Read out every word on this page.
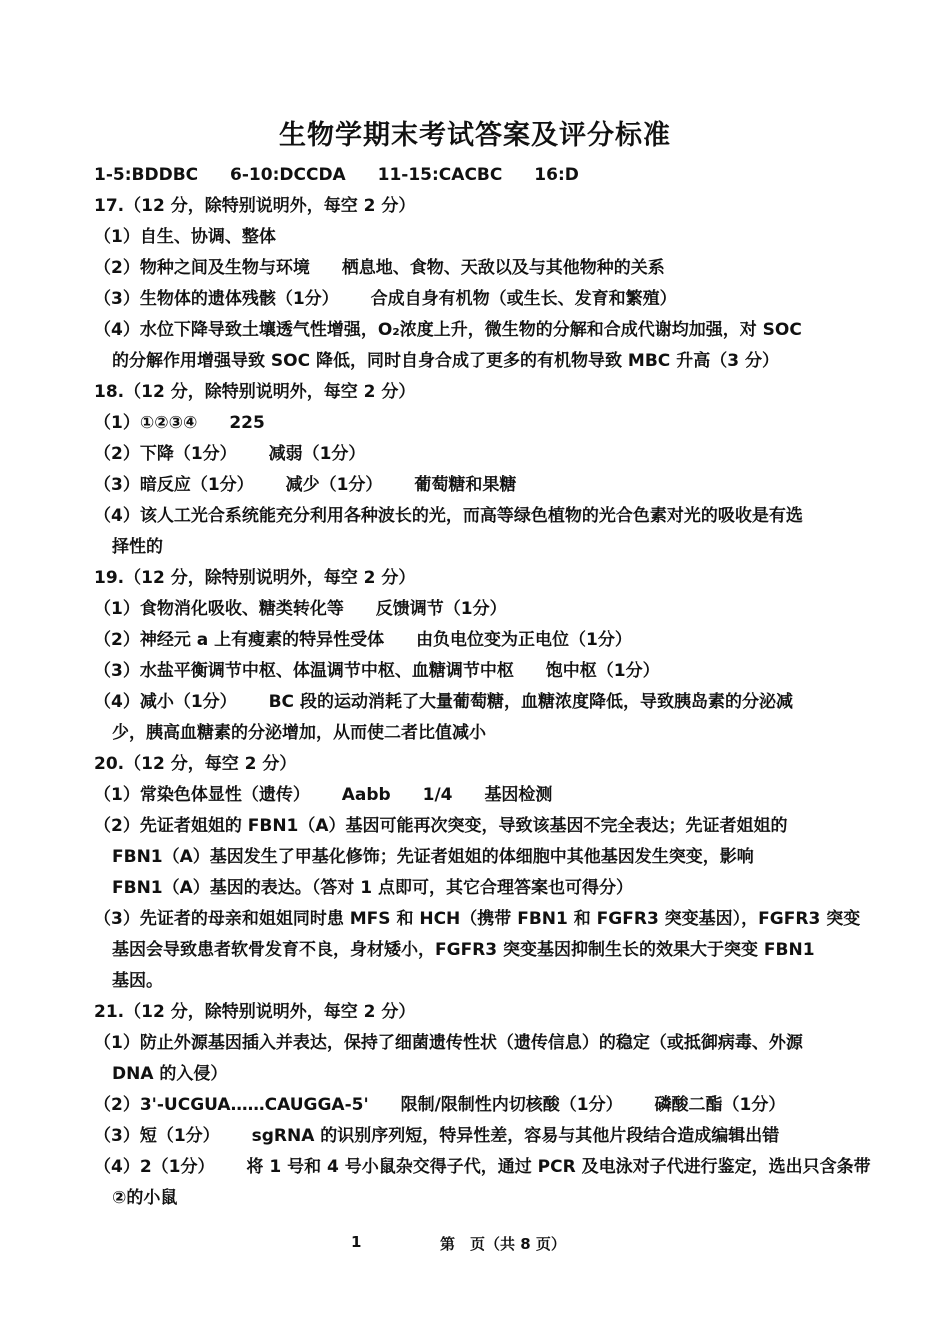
生物学期末考试答案及评分标准
1-5:BDDBC 6-10:DCCDA 11-15:CACBC 16:D
17.（12 分，除特别说明外，每空 2 分）
（1）自生、协调、整体
（2）物种之间及生物与环境 栖息地、食物、天敌以及与其他物种的关系
（3）生物体的遗体残骸（1分） 合成自身有机物（或生长、发育和繁殖）
（4）水位下降导致土壤透气性增强，O₂浓度上升，微生物的分解和合成代谢均加强，对 SOC
的分解作用增强导致 SOC 降低，同时自身合成了更多的有机物导致 MBC 升高（3 分）
18.（12 分，除特别说明外，每空 2 分）
（1）①②③④ 225
（2）下降（1分） 减弱（1分）
（3）暗反应（1分） 减少（1分） 葡萄糖和果糖
（4）该人工光合系统能充分利用各种波长的光，而高等绿色植物的光合色素对光的吸收是有选
择性的
19.（12 分，除特别说明外，每空 2 分）
（1）食物消化吸收、糖类转化等 反馈调节（1分）
（2）神经元 a 上有瘦素的特异性受体 由负电位变为正电位（1分）
（3）水盐平衡调节中枢、体温调节中枢、血糖调节中枢 饱中枢（1分）
（4）减小（1分） BC 段的运动消耗了大量葡萄糖，血糖浓度降低，导致胰岛素的分泌减
少，胰高血糖素的分泌增加，从而使二者比值减小
20.（12 分，每空 2 分）
（1）常染色体显性（遗传） Aabb 1/4 基因检测
（2）先证者姐姐的 FBN1（A）基因可能再次突变，导致该基因不完全表达；先证者姐姐的
FBN1（A）基因发生了甲基化修饰；先证者姐姐的体细胞中其他基因发生突变，影响
FBN1（A）基因的表达。（答对 1 点即可，其它合理答案也可得分）
（3）先证者的母亲和姐姐同时患 MFS 和 HCH（携带 FBN1 和 FGFR3 突变基因），FGFR3 突变
基因会导致患者软骨发育不良，身材矮小，FGFR3 突变基因抑制生长的效果大于突变 FBN1
基因。
21.（12 分，除特别说明外，每空 2 分）
（1）防止外源基因插入并表达，保持了细菌遗传性状（遗传信息）的稳定（或抵御病毒、外源
DNA 的入侵）
（2）3'-UCGUA……CAUGGA-5' 限制/限制性内切核酸（1分） 磷酸二酯（1分）
（3）短（1分） sgRNA 的识别序列短，特异性差，容易与其他片段结合造成编辑出错
（4）2（1分） 将 1 号和 4 号小鼠杂交得子代，通过 PCR 及电泳对子代进行鉴定，选出只含条带
②的小鼠
1	第　页（共 8 页）
